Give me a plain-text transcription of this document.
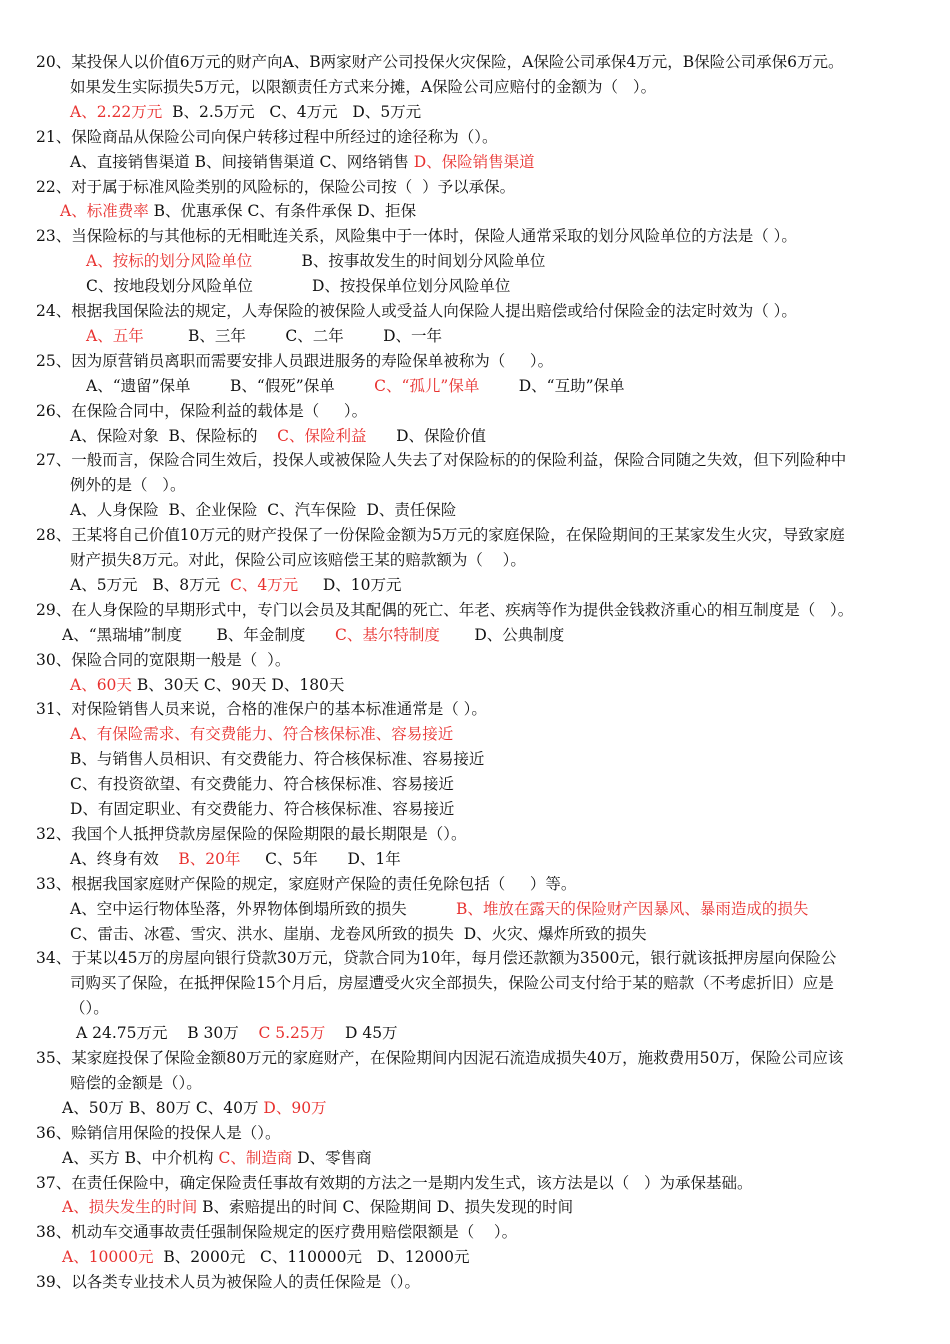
20、某投保人以价值6万元的财产向A、B两家财产公司投保火灾保险，A保险公司承保4万元，B保险公司承保6万元。
如果发生实际损失5万元，以限额责任方式来分摊，A保险公司应赔付的金额为（   ）。
A、2.22万元  B、2.5万元   C、4万元   D、5万元
21、保险商品从保险公司向保户转移过程中所经过的途径称为（）。
A、直接销售渠道 B、间接销售渠道 C、网络销售 D、保险销售渠道
22、对于属于标准风险类别的风险标的，保险公司按（  ）予以承保。
A、标准费率 B、优惠承保 C、有条件承保 D、拒保
23、当保险标的与其他标的无相毗连关系，风险集中于一体时，保险人通常采取的划分风险单位的方法是（ ）。
A、按标的划分风险单位          B、按事故发生的时间划分风险单位
C、按地段划分风险单位            D、按投保单位划分风险单位
24、根据我国保险法的规定，人寿保险的被保险人或受益人向保险人提出赔偿或给付保险金的法定时效为（ ）。
A、五年         B、三年        C、二年        D、一年
25、因为原营销员离职而需要安排人员跟进服务的寿险保单被称为（     ）。
A、“遗留”保单        B、“假死”保单        C、“孤儿”保单        D、“互助”保单
26、在保险合同中，保险利益的载体是（     ）。
A、保险对象  B、保险标的    C、保险利益      D、保险价值
27、一般而言，保险合同生效后，投保人或被保险人失去了对保险标的的保险利益，保险合同随之失效，但下列险种中
例外的是（   ）。
A、人身保险  B、企业保险  C、汽车保险  D、责任保险
28、王某将自己价值10万元的财产投保了一份保险金额为5万元的家庭保险，在保险期间的王某家发生火灾，导致家庭
财产损失8万元。对此，保险公司应该赔偿王某的赔款额为（    ）。
A、5万元   B、8万元  C、4万元     D、10万元
29、在人身保险的早期形式中，专门以会员及其配偶的死亡、年老、疾病等作为提供金钱救济重心的相互制度是（   ）。
A、“黑瑞埔”制度       B、年金制度      C、基尔特制度       D、公典制度
30、保险合同的宽限期一般是（  ）。
A、60天 B、30天 C、90天 D、180天
31、对保险销售人员来说，合格的准保户的基本标准通常是（ ）。
A、有保险需求、有交费能力、符合核保标准、容易接近
B、与销售人员相识、有交费能力、符合核保标准、容易接近
C、有投资欲望、有交费能力、符合核保标准、容易接近
D、有固定职业、有交费能力、符合核保标准、容易接近
32、我国个人抵押贷款房屋保险的保险期限的最长期限是（）。
A、终身有效    B、20年     C、5年      D、1年
33、根据我国家庭财产保险的规定，家庭财产保险的责任免除包括（     ）等。
A、空中运行物体坠落，外界物体倒塌所致的损失          B、堆放在露天的保险财产因暴风、暴雨造成的损失
C、雷击、冰雹、雪灾、洪水、崖崩、龙卷风所致的损失  D、火灾、爆炸所致的损失
34、于某以45万的房屋向银行贷款30万元，贷款合同为10年，每月偿还款额为3500元，银行就该抵押房屋向保险公
司购买了保险，在抵押保险15个月后，房屋遭受火灾全部损失，保险公司支付给于某的赔款（不考虑折旧）应是
（）。
A 24.75万元    B 30万    C 5.25万    D 45万
35、某家庭投保了保险金额80万元的家庭财产，在保险期间内因泥石流造成损失40万，施救费用50万，保险公司应该
赔偿的金额是（）。
A、50万 B、80万 C、40万 D、90万
36、赊销信用保险的投保人是（）。
A、买方 B、中介机构 C、制造商 D、零售商
37、在责任保险中，确定保险责任事故有效期的方法之一是期内发生式，该方法是以（   ）为承保基础。
A、损失发生的时间 B、索赔提出的时间 C、保险期间 D、损失发现的时间
38、机动车交通事故责任强制保险规定的医疗费用赔偿限额是（    ）。
A、10000元  B、2000元   C、110000元   D、12000元
39、以各类专业技术人员为被保险人的责任保险是（）。
